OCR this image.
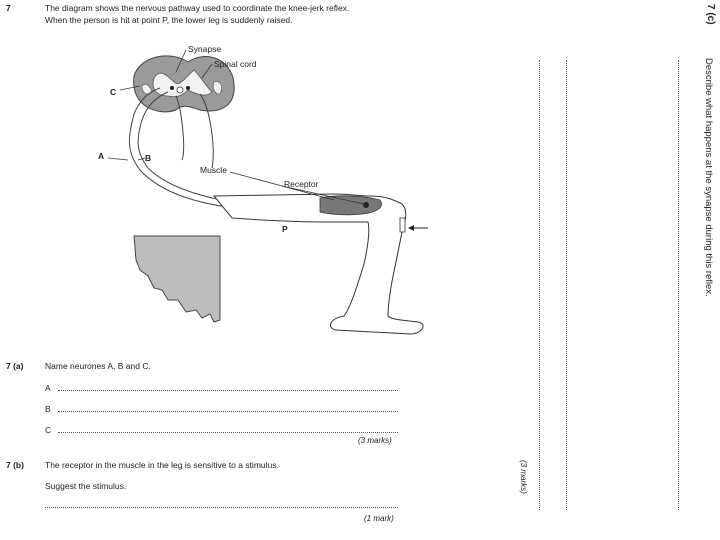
7	The diagram shows the nervous pathway used to coordinate the knee-jerk reflex.
When the person is hit at point P, the lower leg is suddenly raised.
Synapse
Spinal cord
C
A	B
Muscle
Receptor
P
7 (a)	Name neurones A, B and C.
A
B
C
(3 marks)
7 (b) The receptor in the muscle in the leg is sensitive to a stimulus.
Suggest the stimulus.
(1 mark)
7 (c)
Describe what happens at the synapse during this reflex.
(3 marks)
